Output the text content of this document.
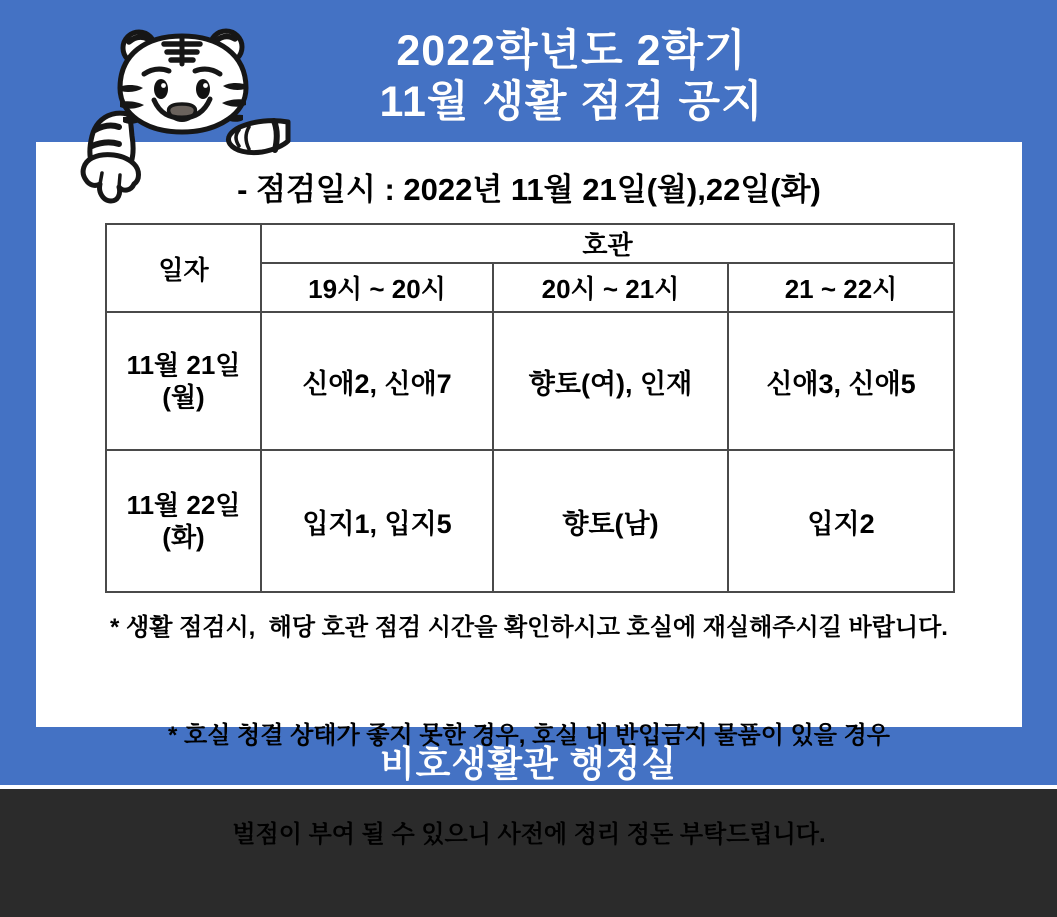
2022학년도 2학기
11월 생활 점검 공지
- 점검일시 : 2022년 11월 21일(월),22일(화)
일자	호관		
	19시 ~ 20시	20시 ~ 21시	21 ~ 22시

11월 21일
(월)	신애2, 신애7	향토(여), 인재	신애3, 신애5

11월 22일
(화)	입지1, 입지5	향토(남)	입지2
* 생활 점검시,  해당 호관 점검 시간을 확인하시고 호실에 재실해주시길 바랍니다.

* 호실 청결 상태가 좋지 못한 경우, 호실 내 반입금지 물품이 있을 경우

벌점이 부여 될 수 있으니 사전에 정리 정돈 부탁드립니다.

비호생활관 행정실
